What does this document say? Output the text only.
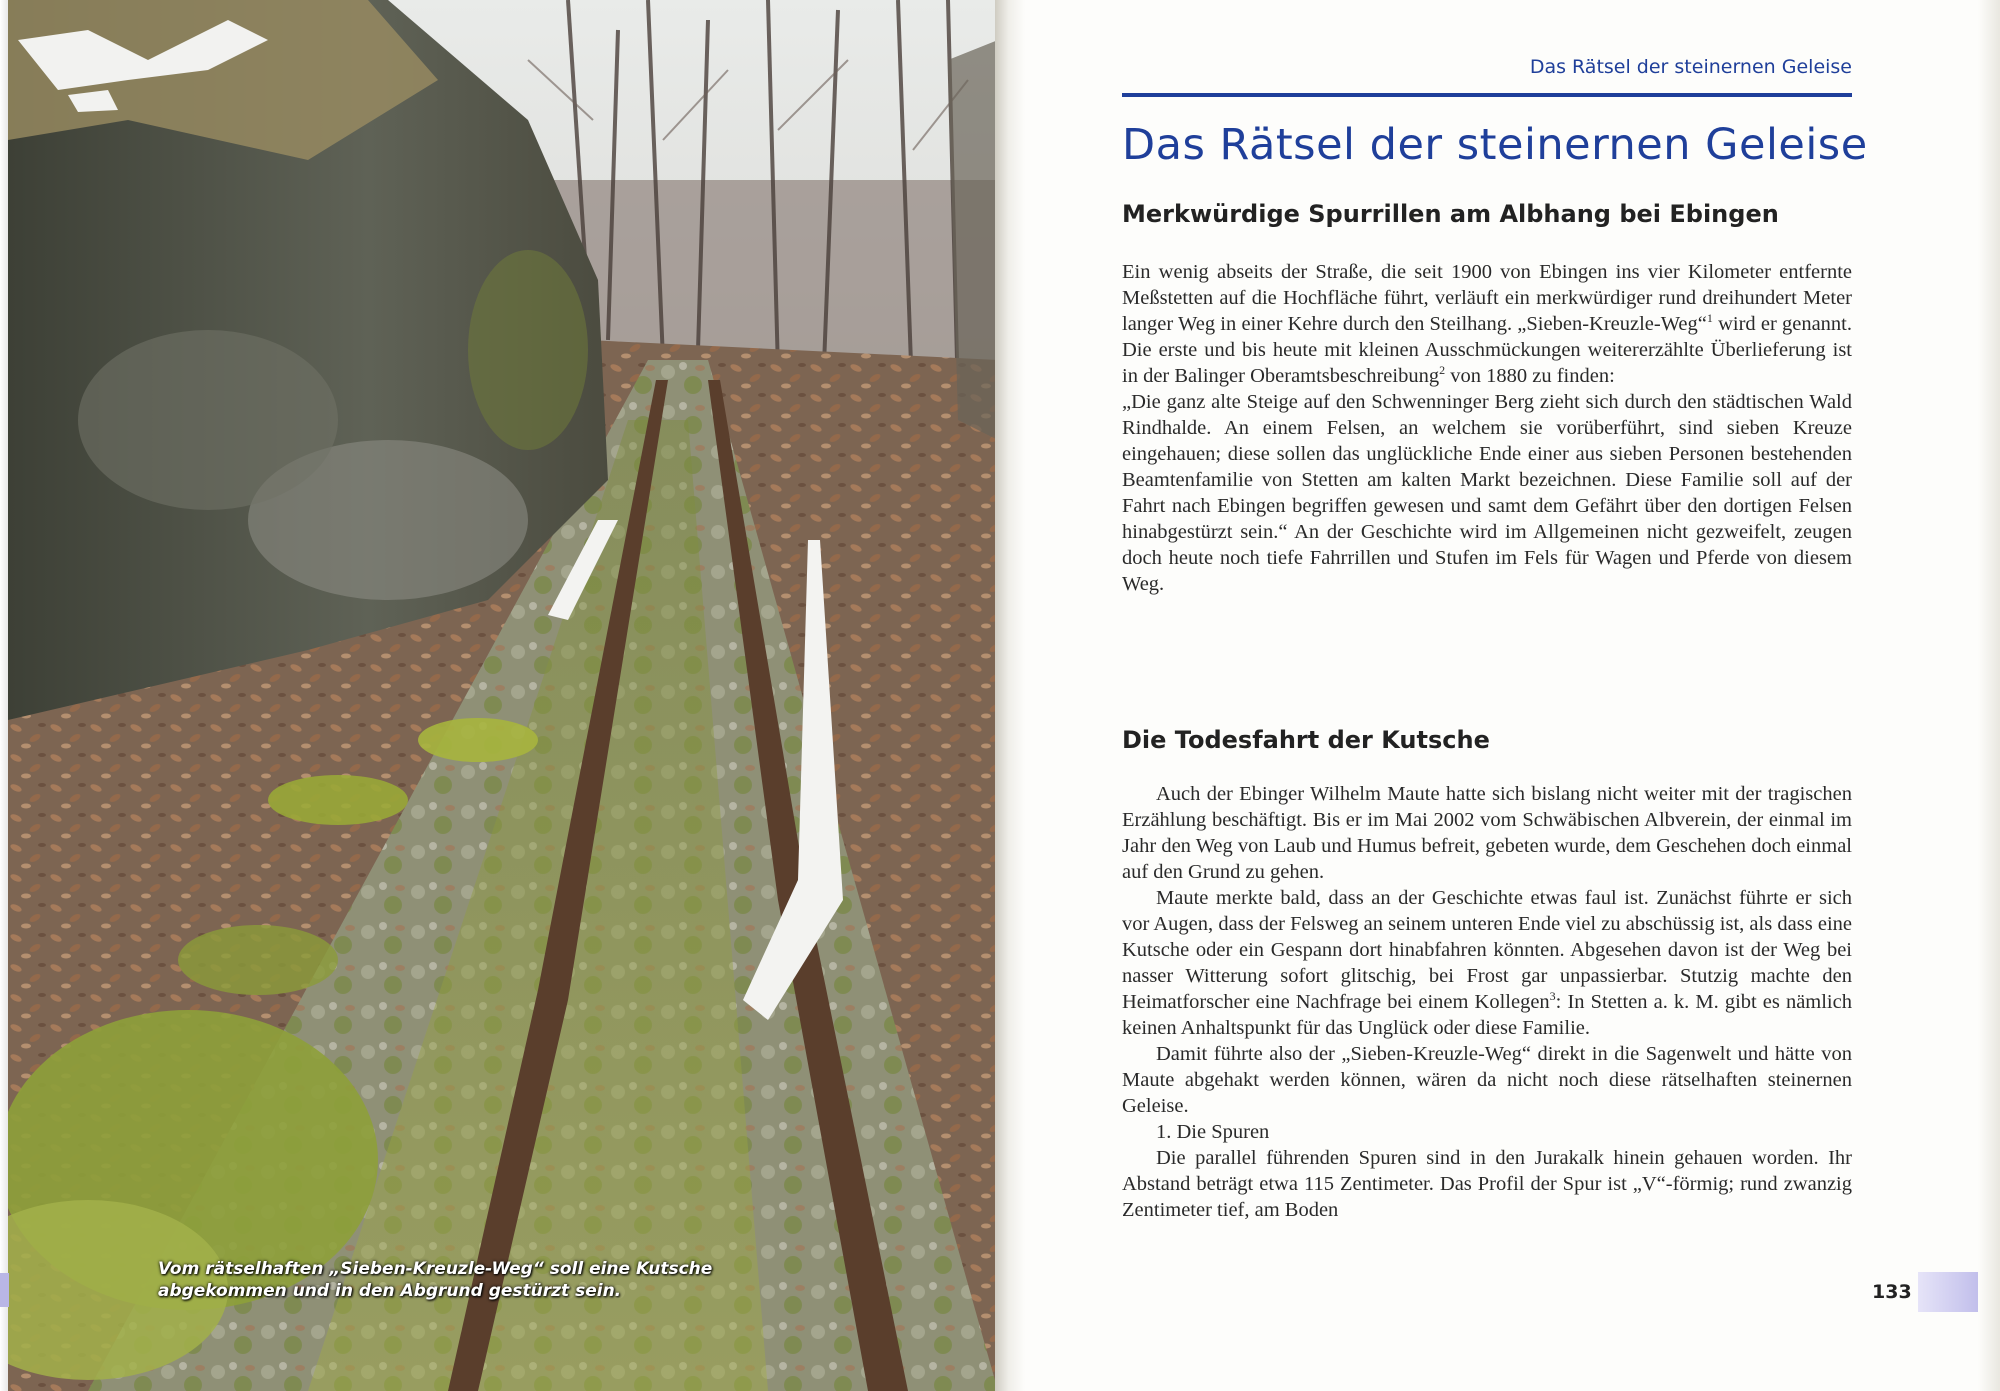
Vom rätselhaften „Sieben-Kreuzle-Weg“ soll eine Kutsche abgekommen und in den Abgrund gestürzt sein.

Das Rätsel der steinernen Geleise

Das Rätsel der steinernen Geleise
Merkwürdige Spurrillen am Albhang bei Ebingen

Ein wenig abseits der Straße, die seit 1900 von Ebingen ins vier Kilometer entfernte Meßstetten auf die Hochfläche führt, verläuft ein merkwürdiger rund dreihundert Meter langer Weg in einer Kehre durch den Steilhang. „Sieben-Kreuzle-Weg“$^1$ wird er genannt. Die erste und bis heute mit kleinen Ausschmückungen weitererzählte Überlieferung ist in der Balinger Oberamtsbeschreibung$^2$ von 1880 zu finden:

„Die ganz alte Steige auf den Schwenninger Berg zieht sich durch den städtischen Wald Rindhalde. An einem Felsen, an welchem sie vorüberführt, sind sieben Kreuze eingehauen; diese sollen das unglückliche Ende einer aus sieben Personen bestehenden Beamtenfamilie von Stetten am kalten Markt bezeichnen. Diese Familie soll auf der Fahrt nach Ebingen begriffen gewesen und samt dem Gefährt über den dortigen Felsen hinabgestürzt sein.“ An der Geschichte wird im Allgemeinen nicht gezweifelt, zeugen doch heute noch tiefe Fahrrillen und Stufen im Fels für Wagen und Pferde von diesem Weg.

Die Todesfahrt der Kutsche

Auch der Ebinger Wilhelm Maute hatte sich bislang nicht weiter mit der tragischen Erzählung beschäftigt. Bis er im Mai 2002 vom Schwäbischen Albverein, der einmal im Jahr den Weg von Laub und Humus befreit, gebeten wurde, dem Geschehen doch einmal auf den Grund zu gehen.

Maute merkte bald, dass an der Geschichte etwas faul ist. Zunächst führte er sich vor Augen, dass der Felsweg an seinem unteren Ende viel zu abschüssig ist, als dass eine Kutsche oder ein Gespann dort hinabfahren könnten. Abgesehen davon ist der Weg bei nasser Witterung sofort glitschig, bei Frost gar unpassierbar. Stutzig machte den Heimatforscher eine Nachfrage bei einem Kollegen$^3$: In Stetten a. k. M. gibt es nämlich keinen Anhaltspunkt für das Unglück oder diese Familie.

Damit führte also der „Sieben-Kreuzle-Weg“ direkt in die Sagenwelt und hätte von Maute abgehakt werden können, wären da nicht noch diese rätselhaften steinernen Geleise.

1. Die Spuren

Die parallel führenden Spuren sind in den Jurakalk hinein gehauen worden. Ihr Abstand beträgt etwa 115 Zentimeter. Das Profil der Spur ist „V“-förmig; rund zwanzig Zentimeter tief, am Boden

133
